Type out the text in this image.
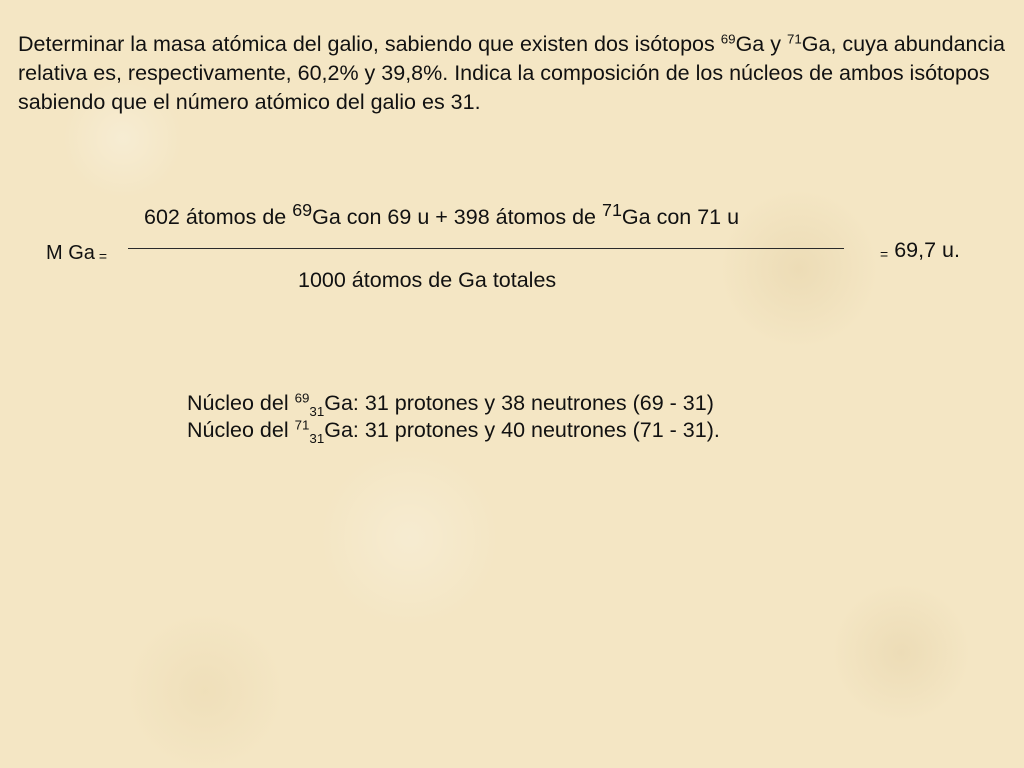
Determinar la masa atómica del galio, sabiendo que existen dos isótopos $^{69}$Ga y $^{71}$Ga, cuya abundancia relativa es, respectivamente, 60,2% y 39,8%. Indica la composición de los núcleos de ambos isótopos sabiendo que el número atómico del galio es 31.

602 átomos de $^{69}$Ga con 69 u + 398 átomos de $^{71}$Ga con 71 u
M Ga =	= 69,7 u.
1000 átomos de Ga totales
Núcleo del $^{69}_{31}$Ga: 31 protones y 38 neutrones (69 - 31)
Núcleo del $^{71}_{31}$Ga: 31 protones y 40 neutrones (71 - 31).
